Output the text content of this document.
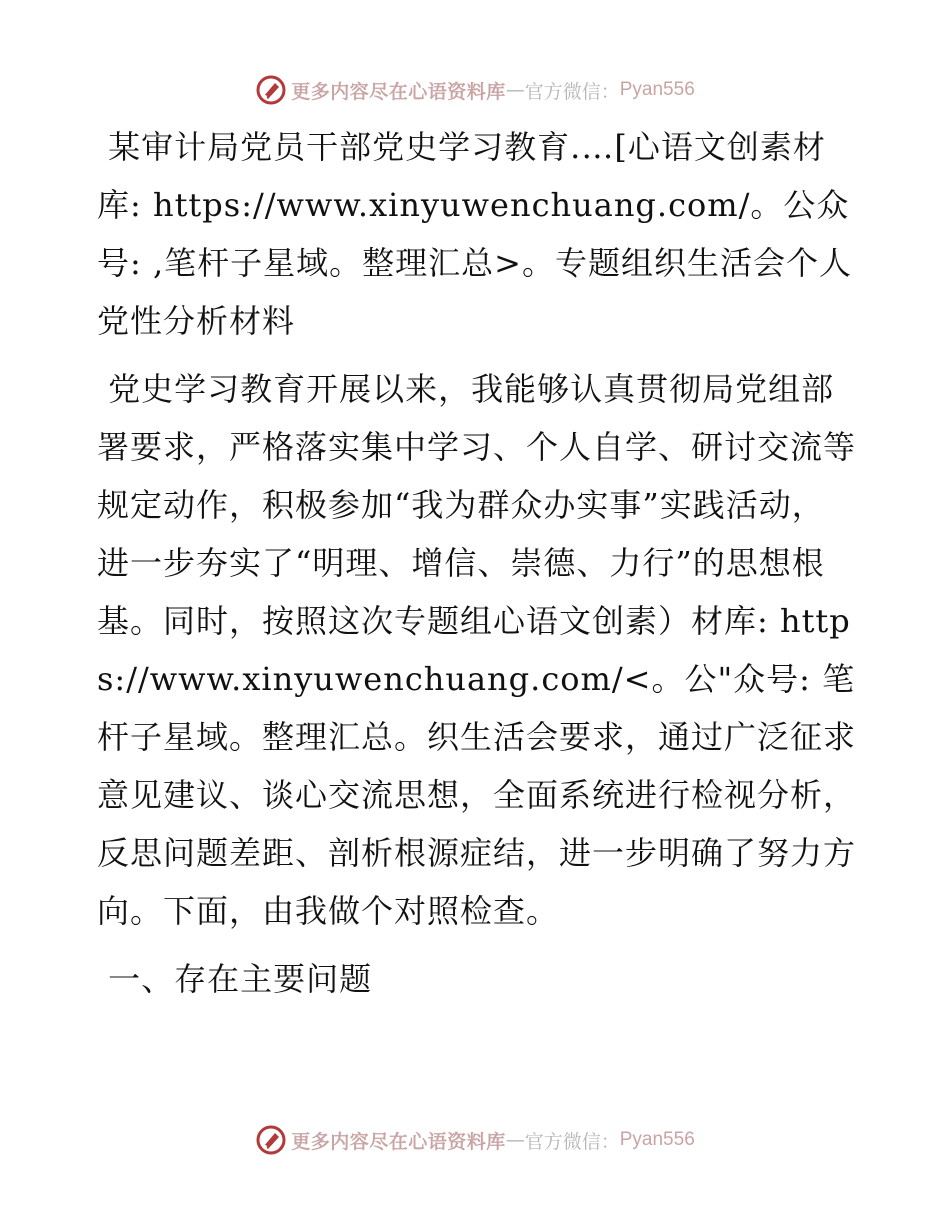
更多内容尽在心语资料库 — 官方微信： Pyan556

某审计局党员干部党史学习教育.…[心语文创素材库: https://www.xinyuwenchuang.com/。公众号: ,笔杆子星域。整理汇总>。专题组织生活会个人党性分析材料

党史学习教育开展以来，我能够认真贯彻局党组部署要求，严格落实集中学习、个人自学、研讨交流等规定动作，积极参加“我为群众办实事”实践活动，进一步夯实了“明理、增信、崇德、力行”的思想根基。同时，按照这次专题组心语文创素）材库: https://www.xinyuwenchuang.com/<。公"众号: 笔杆子星域。整理汇总。织生活会要求，通过广泛征求意见建议、谈心交流思想，全面系统进行检视分析，反思问题差距、剖析根源症结，进一步明确了努力方向。下面，由我做个对照检查。

一、存在主要问题

更多内容尽在心语资料库 — 官方微信： Pyan556
